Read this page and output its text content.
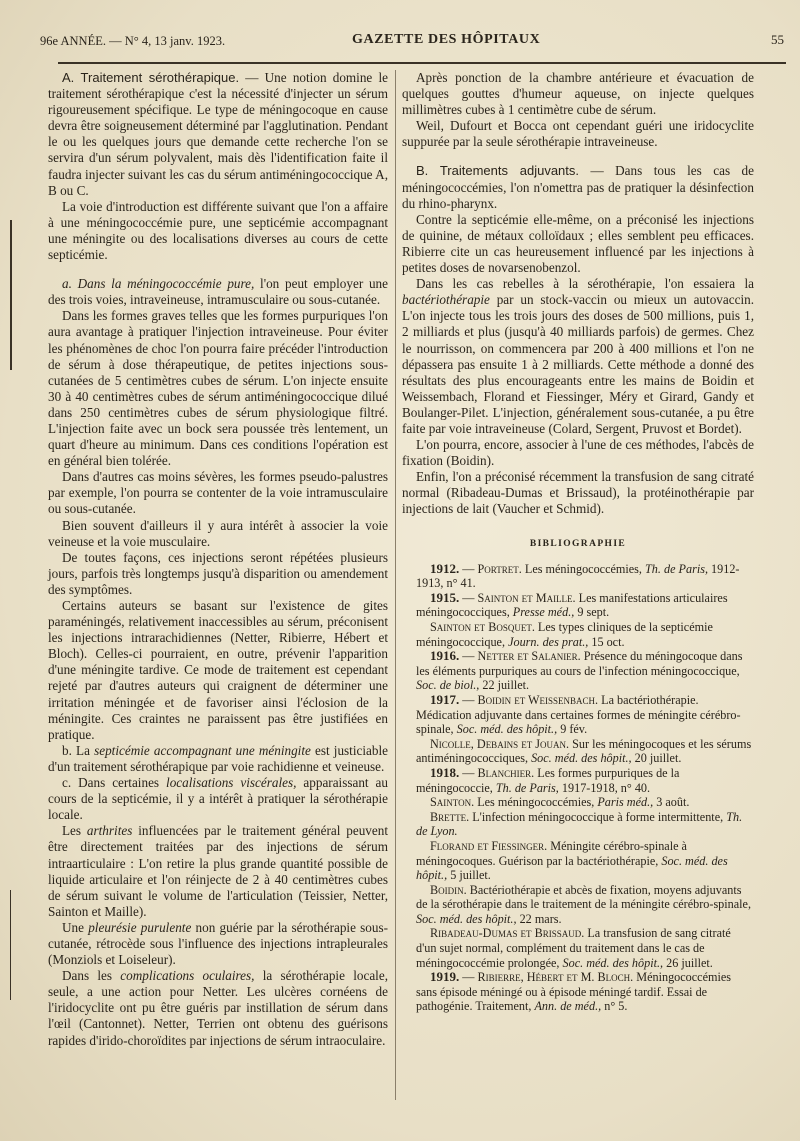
96e ANNÉE. — N° 4, 13 janv. 1923.	GAZETTE DES HÔPITAUX	55

A. Traitement sérothérapique. — Une notion domine le traitement sérothérapique c'est la nécessité d'injecter un sérum rigoureusement spécifique. Le type de méningocoque en cause devra être soigneusement déterminé par l'agglutination. Pendant le ou les quelques jours que demande cette recherche l'on se servira d'un sérum polyvalent, mais dès l'identification faite il faudra injecter suivant les cas du sérum antiméningococcique A, B ou C.

La voie d'introduction est différente suivant que l'on a affaire à une méningococcémie pure, une septicémie accompagnant une méningite ou des localisations diverses au cours de cette septicémie.

a. Dans la méningococcémie pure, l'on peut employer une des trois voies, intraveineuse, intramusculaire ou sous-cutanée.

Dans les formes graves telles que les formes purpuriques l'on aura avantage à pratiquer l'injection intraveineuse. Pour éviter les phénomènes de choc l'on pourra faire précéder l'introduction de sérum à dose thérapeutique, de petites injections sous-cutanées de 5 centimètres cubes de sérum. L'on injecte ensuite 30 à 40 centimètres cubes de sérum antiméningococcique dilué dans 250 centimètres cubes de sérum physiologique filtré. L'injection faite avec un bock sera poussée très lentement, un quart d'heure au minimum. Dans ces conditions l'opération est en général bien tolérée.

Dans d'autres cas moins sévères, les formes pseudo-palustres par exemple, l'on pourra se contenter de la voie intramusculaire ou sous-cutanée.

Bien souvent d'ailleurs il y aura intérêt à associer la voie veineuse et la voie musculaire.

De toutes façons, ces injections seront répétées plusieurs jours, parfois très longtemps jusqu'à disparition ou amendement des symptômes.

Certains auteurs se basant sur l'existence de gites paraméningés, relativement inaccessibles au sérum, préconisent les injections intrarachidiennes (Netter, Ribierre, Hébert et Bloch). Celles-ci pourraient, en outre, prévenir l'apparition d'une méningite tardive. Ce mode de traitement est cependant rejeté par d'autres auteurs qui craignent de déterminer une irritation méningée et de favoriser ainsi l'éclosion de la méningite. Ces craintes ne paraissent pas être justifiées en pratique.

b. La septicémie accompagnant une méningite est justiciable d'un traitement sérothérapique par voie rachidienne et veineuse.

c. Dans certaines localisations viscérales, apparaissant au cours de la septicémie, il y a intérêt à pratiquer la sérothérapie locale.

Les arthrites influencées par le traitement général peuvent être directement traitées par des injections de sérum intraarticulaire : L'on retire la plus grande quantité possible de liquide articulaire et l'on réinjecte de 2 à 40 centimètres cubes de sérum suivant le volume de l'articulation (Teissier, Netter, Sainton et Maille).

Une pleurésie purulente non guérie par la sérothérapie sous-cutanée, rétrocède sous l'influence des injections intrapleurales (Monziols et Loiseleur).

Dans les complications oculaires, la sérothérapie locale, seule, a une action pour Netter. Les ulcères cornéens de l'iridocyclite ont pu être guéris par instillation de sérum dans l'œil (Cantonnet). Netter, Terrien ont obtenu des guérisons rapides d'irido-choroïdites par injections de sérum intraoculaire.

Après ponction de la chambre antérieure et évacuation de quelques gouttes d'humeur aqueuse, on injecte quelques millimètres cubes à 1 centimètre cube de sérum.

Weil, Dufourt et Bocca ont cependant guéri une iridocyclite suppurée par la seule sérothérapie intraveineuse.

B. Traitements adjuvants. — Dans tous les cas de méningococcémies, l'on n'omettra pas de pratiquer la désinfection du rhino-pharynx.

Contre la septicémie elle-même, on a préconisé les injections de quinine, de métaux colloïdaux ; elles semblent peu efficaces. Ribierre cite un cas heureusement influencé par les injections à petites doses de novarsenobenzol.

Dans les cas rebelles à la sérothérapie, l'on essaiera la bactériothérapie par un stock-vaccin ou mieux un autovaccin. L'on injecte tous les trois jours des doses de 500 millions, puis 1, 2 milliards et plus (jusqu'à 40 milliards parfois) de germes. Chez le nourrisson, on commencera par 200 à 400 millions et l'on ne dépassera pas ensuite 1 à 2 milliards. Cette méthode a donné des résultats des plus encourageants entre les mains de Boidin et Weissembach, Florand et Fiessinger, Méry et Girard, Gandy et Boulanger-Pilet. L'injection, généralement sous-cutanée, a pu être faite par voie intraveineuse (Colard, Sergent, Pruvost et Bordet).

L'on pourra, encore, associer à l'une de ces méthodes, l'abcès de fixation (Boidin).

Enfin, l'on a préconisé récemment la transfusion de sang citraté normal (Ribadeau-Dumas et Brissaud), la protéinothérapie par injections de lait (Vaucher et Schmid).

BIBLIOGRAPHIE

1912. — Portret. Les méningococcémies, Th. de Paris, 1912-1913, n° 41.

1915. — Sainton et Maille. Les manifestations articulaires méningococciques, Presse méd., 9 sept.

Sainton et Bosquet. Les types cliniques de la septicémie méningococcique, Journ. des prat., 15 oct.

1916. — Netter et Salanier. Présence du méningocoque dans les éléments purpuriques au cours de l'infection méningococcique, Soc. de biol., 22 juillet.

1917. — Boidin et Weissenbach. La bactériothérapie. Médication adjuvante dans certaines formes de méningite cérébro-spinale, Soc. méd. des hôpit., 9 fév.

Nicolle, Debains et Jouan. Sur les méningocoques et les sérums antiméningococciques, Soc. méd. des hôpit., 20 juillet.

1918. — Blanchier. Les formes purpuriques de la méningococcie, Th. de Paris, 1917-1918, n° 40.

Sainton. Les méningococcémies, Paris méd., 3 août.

Brette. L'infection méningococcique à forme intermittente, Th. de Lyon.

Florand et Fiessinger. Méningite cérébro-spinale à méningocoques. Guérison par la bactériothérapie, Soc. méd. des hôpit., 5 juillet.

Boidin. Bactériothérapie et abcès de fixation, moyens adjuvants de la sérothérapie dans le traitement de la méningite cérébro-spinale, Soc. méd. des hôpit., 22 mars.

Ribadeau-Dumas et Brissaud. La transfusion de sang citraté d'un sujet normal, complément du traitement dans le cas de méningococcémie prolongée, Soc. méd. des hôpit., 26 juillet.

1919. — Ribierre, Hébert et M. Bloch. Méningococcémies sans épisode méningé ou à épisode méningé tardif. Essai de pathogénie. Traitement, Ann. de méd., n° 5.
